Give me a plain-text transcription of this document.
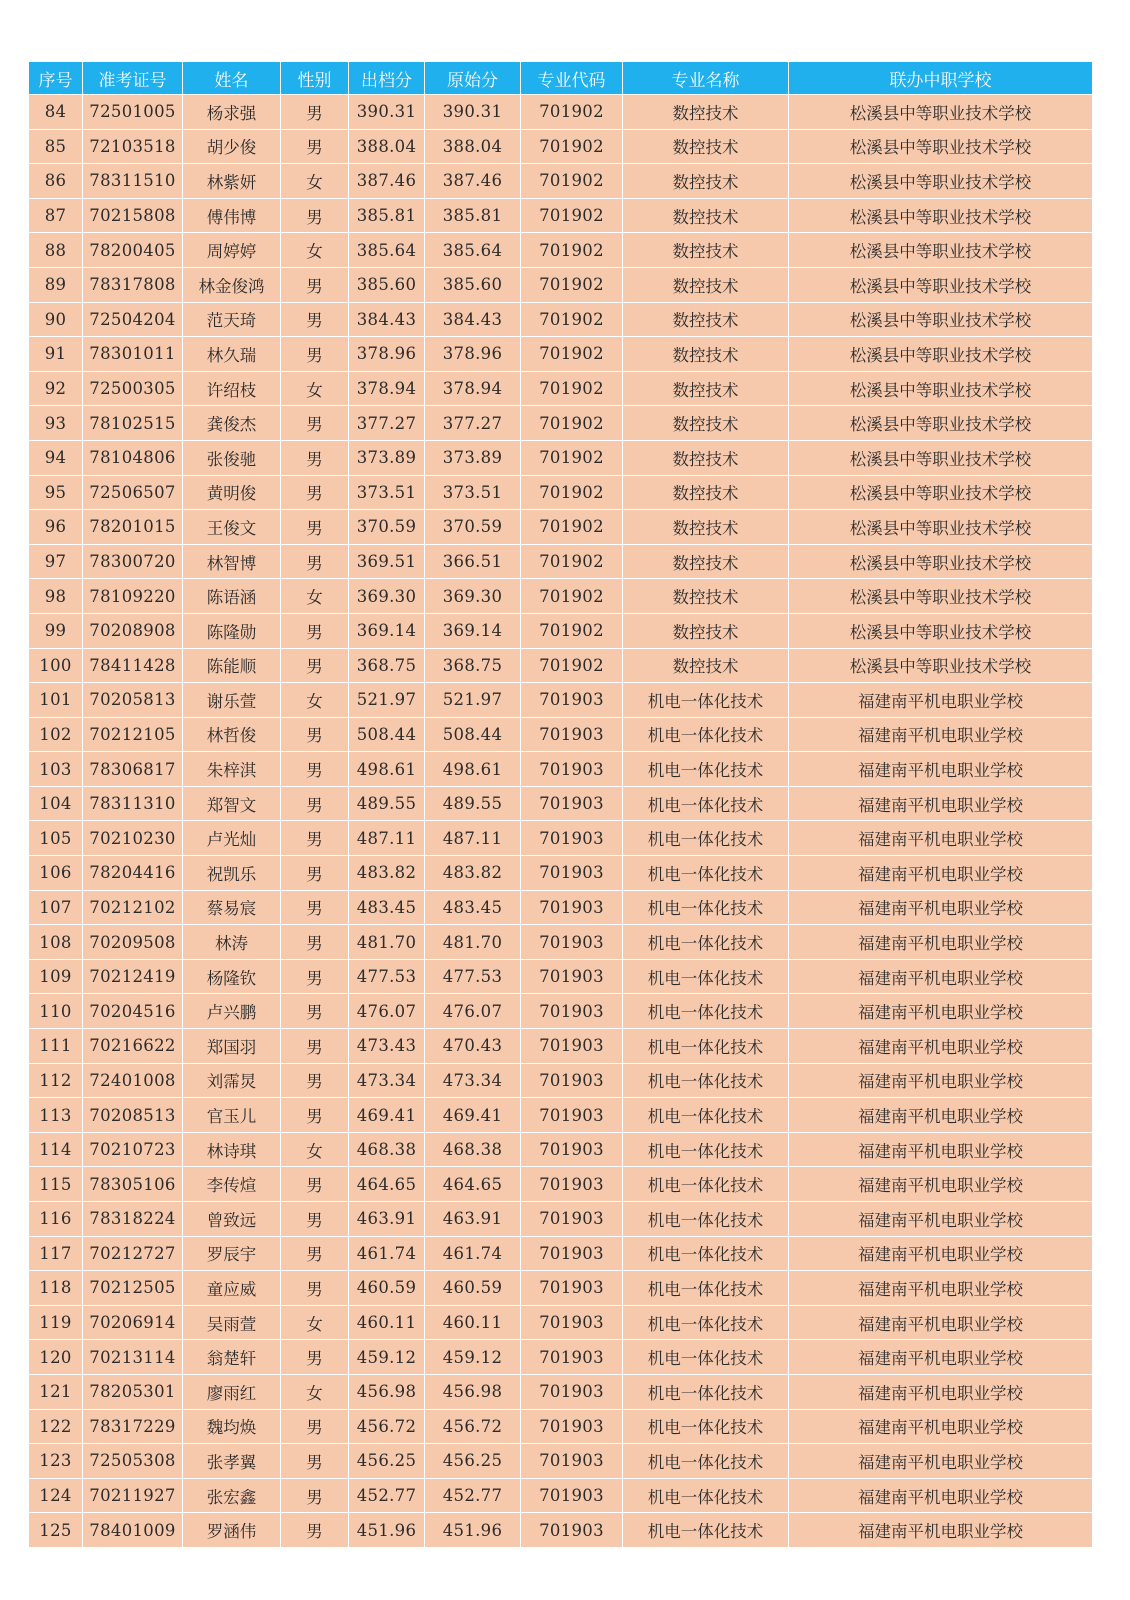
序号	准考证号	姓名	性别	出档分	原始分	专业代码	专业名称	联办中职学校
84	72501005	杨求强	男	390.31	390.31	701902	数控技术	松溪县中等职业技术学校
85	72103518	胡少俊	男	388.04	388.04	701902	数控技术	松溪县中等职业技术学校
86	78311510	林紫妍	女	387.46	387.46	701902	数控技术	松溪县中等职业技术学校
87	70215808	傅伟博	男	385.81	385.81	701902	数控技术	松溪县中等职业技术学校
88	78200405	周婷婷	女	385.64	385.64	701902	数控技术	松溪县中等职业技术学校
89	78317808	林金俊鸿	男	385.60	385.60	701902	数控技术	松溪县中等职业技术学校
90	72504204	范天琦	男	384.43	384.43	701902	数控技术	松溪县中等职业技术学校
91	78301011	林久瑞	男	378.96	378.96	701902	数控技术	松溪县中等职业技术学校
92	72500305	许绍枝	女	378.94	378.94	701902	数控技术	松溪县中等职业技术学校
93	78102515	龚俊杰	男	377.27	377.27	701902	数控技术	松溪县中等职业技术学校
94	78104806	张俊驰	男	373.89	373.89	701902	数控技术	松溪县中等职业技术学校
95	72506507	黄明俊	男	373.51	373.51	701902	数控技术	松溪县中等职业技术学校
96	78201015	王俊文	男	370.59	370.59	701902	数控技术	松溪县中等职业技术学校
97	78300720	林智博	男	369.51	366.51	701902	数控技术	松溪县中等职业技术学校
98	78109220	陈语涵	女	369.30	369.30	701902	数控技术	松溪县中等职业技术学校
99	70208908	陈隆勋	男	369.14	369.14	701902	数控技术	松溪县中等职业技术学校
100	78411428	陈能顺	男	368.75	368.75	701902	数控技术	松溪县中等职业技术学校
101	70205813	谢乐萱	女	521.97	521.97	701903	机电一体化技术	福建南平机电职业学校
102	70212105	林哲俊	男	508.44	508.44	701903	机电一体化技术	福建南平机电职业学校
103	78306817	朱梓淇	男	498.61	498.61	701903	机电一体化技术	福建南平机电职业学校
104	78311310	郑智文	男	489.55	489.55	701903	机电一体化技术	福建南平机电职业学校
105	70210230	卢光灿	男	487.11	487.11	701903	机电一体化技术	福建南平机电职业学校
106	78204416	祝凯乐	男	483.82	483.82	701903	机电一体化技术	福建南平机电职业学校
107	70212102	蔡易宸	男	483.45	483.45	701903	机电一体化技术	福建南平机电职业学校
108	70209508	林涛	男	481.70	481.70	701903	机电一体化技术	福建南平机电职业学校
109	70212419	杨隆钦	男	477.53	477.53	701903	机电一体化技术	福建南平机电职业学校
110	70204516	卢兴鹏	男	476.07	476.07	701903	机电一体化技术	福建南平机电职业学校
111	70216622	郑国羽	男	473.43	470.43	701903	机电一体化技术	福建南平机电职业学校
112	72401008	刘霈炅	男	473.34	473.34	701903	机电一体化技术	福建南平机电职业学校
113	70208513	官玉儿	男	469.41	469.41	701903	机电一体化技术	福建南平机电职业学校
114	70210723	林诗琪	女	468.38	468.38	701903	机电一体化技术	福建南平机电职业学校
115	78305106	李传煊	男	464.65	464.65	701903	机电一体化技术	福建南平机电职业学校
116	78318224	曾致远	男	463.91	463.91	701903	机电一体化技术	福建南平机电职业学校
117	70212727	罗辰宇	男	461.74	461.74	701903	机电一体化技术	福建南平机电职业学校
118	70212505	童应威	男	460.59	460.59	701903	机电一体化技术	福建南平机电职业学校
119	70206914	吴雨萱	女	460.11	460.11	701903	机电一体化技术	福建南平机电职业学校
120	70213114	翁楚轩	男	459.12	459.12	701903	机电一体化技术	福建南平机电职业学校
121	78205301	廖雨红	女	456.98	456.98	701903	机电一体化技术	福建南平机电职业学校
122	78317229	魏均焕	男	456.72	456.72	701903	机电一体化技术	福建南平机电职业学校
123	72505308	张孝翼	男	456.25	456.25	701903	机电一体化技术	福建南平机电职业学校
124	70211927	张宏鑫	男	452.77	452.77	701903	机电一体化技术	福建南平机电职业学校
125	78401009	罗涵伟	男	451.96	451.96	701903	机电一体化技术	福建南平机电职业学校
